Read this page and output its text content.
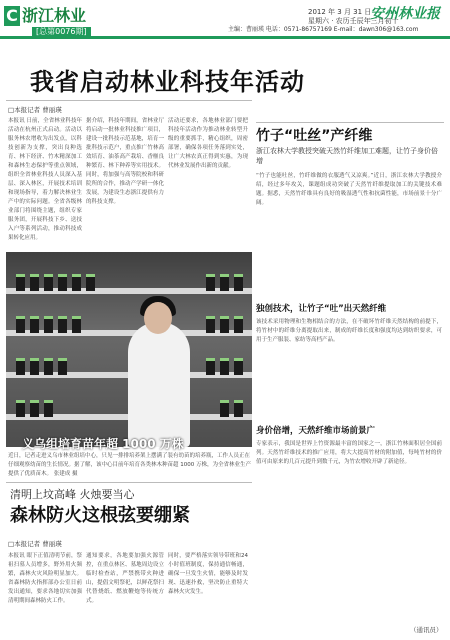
C 浙江林业
[总第0076期]
2012 年 3 月 31 日
星期六 · 农历壬辰年三月初十
安州林业报
主编：曹丽瑛 电话：0571-86757169 E-mail：dawn306@163.com
我省启动林业科技年活动
□本报记者 曹丽瑛
本报讯 日前，全省林业科技年活动在杭州正式启动。活动以服务林农增收为出发点，以科技创新为支撑，突出良种选育、林下经济、竹木精深加工和森林生态保护等重点领域，组织全省林业科技人员深入基层、深入林区，开展技术培训和现场指导，着力解决林业生产中的实际问题。全省各级林业部门将围绕主题，组织专家服务团，开展科技下乡、送技入户等系列活动，推动科技成果转化应用。
据介绍，科技年期间，省林业厅将启动一批林业科技推广项目，建设一批科技示范基地，培育一批科技示范户，重点推广竹林高效培育、油茶高产栽培、香榧良种繁育、林下种养等实用技术。同时，将加强与高等院校和科研院所的合作，推动产学研一体化发展，为建设生态浙江提供有力的科技支撑。
活动还要求，各地林业部门要把科技年活动作为推动林业转型升级的重要抓手，精心组织，周密部署，确保各项任务落到实处，让广大林农真正得到实惠，为现代林业发展作出新的贡献。
义乌组培育苗年超 1000 万株
近日，记者走进义乌市林业组培中心，只见一排排培养架上摆满了装有幼苗的培养瓶，工作人员正在仔细观察幼苗的生长情况。据了解，该中心目前年培育各类林木种苗超 1000 万株，为全省林业生产提供了优质苗木。 张建成 摄
竹子“吐丝”产纤维
浙江农林大学教授突破天然竹纤维加工难题，让竹子身价倍增
“竹子也能吐丝，竹纤维做的衣服透气又凉爽。”近日，浙江农林大学教授介绍，经过多年攻关，课题组成功突破了天然竹纤维提取加工的关键技术难题。据悉，天然竹纤维具有良好的吸湿透气性和抗菌性能，市场前景十分广阔。
独创技术，让竹子“吐”出天然纤维
该技术采用物理和生物相结合的方法，在不破坏竹纤维天然结构的前提下，将竹材中的纤维分离提取出来，制成的纤维长度和强度均达到纺织要求，可用于生产服装、家纺等高档产品。
身价倍增，天然纤维市场前景广
专家表示，我国是世界上竹资源最丰富的国家之一，浙江竹林面积居全国前列。天然竹纤维技术的推广应用，将大大提高竹材的附加值，每吨竹材的价值可由原来的几百元提升到数千元，为竹农增收开辟了新途径。
（通讯员）
清明上坟高峰 火烛要当心
森林防火这根弦要绷紧
□本报记者 曹丽瑛
本报讯 眼下正值清明节前，祭祖扫墓人员增多，野外用火频繁，森林火灾风险明显加大。省森林防火指挥部办公室日前发出通知，要求各地切实加强清明期间森林防火工作。
通知要求，各地要加强火源管控，在重点林区、墓地周边设立临时检查站，严禁携带火种进山，提倡文明祭祀，以鲜花祭扫代替烧纸、燃放鞭炮等传统方式。
同时，要严格落实领导带班和24小时值班制度，保持通信畅通，确保一旦发生火情，能够及时发现、迅速扑救，坚决防止重特大森林火灾发生。
